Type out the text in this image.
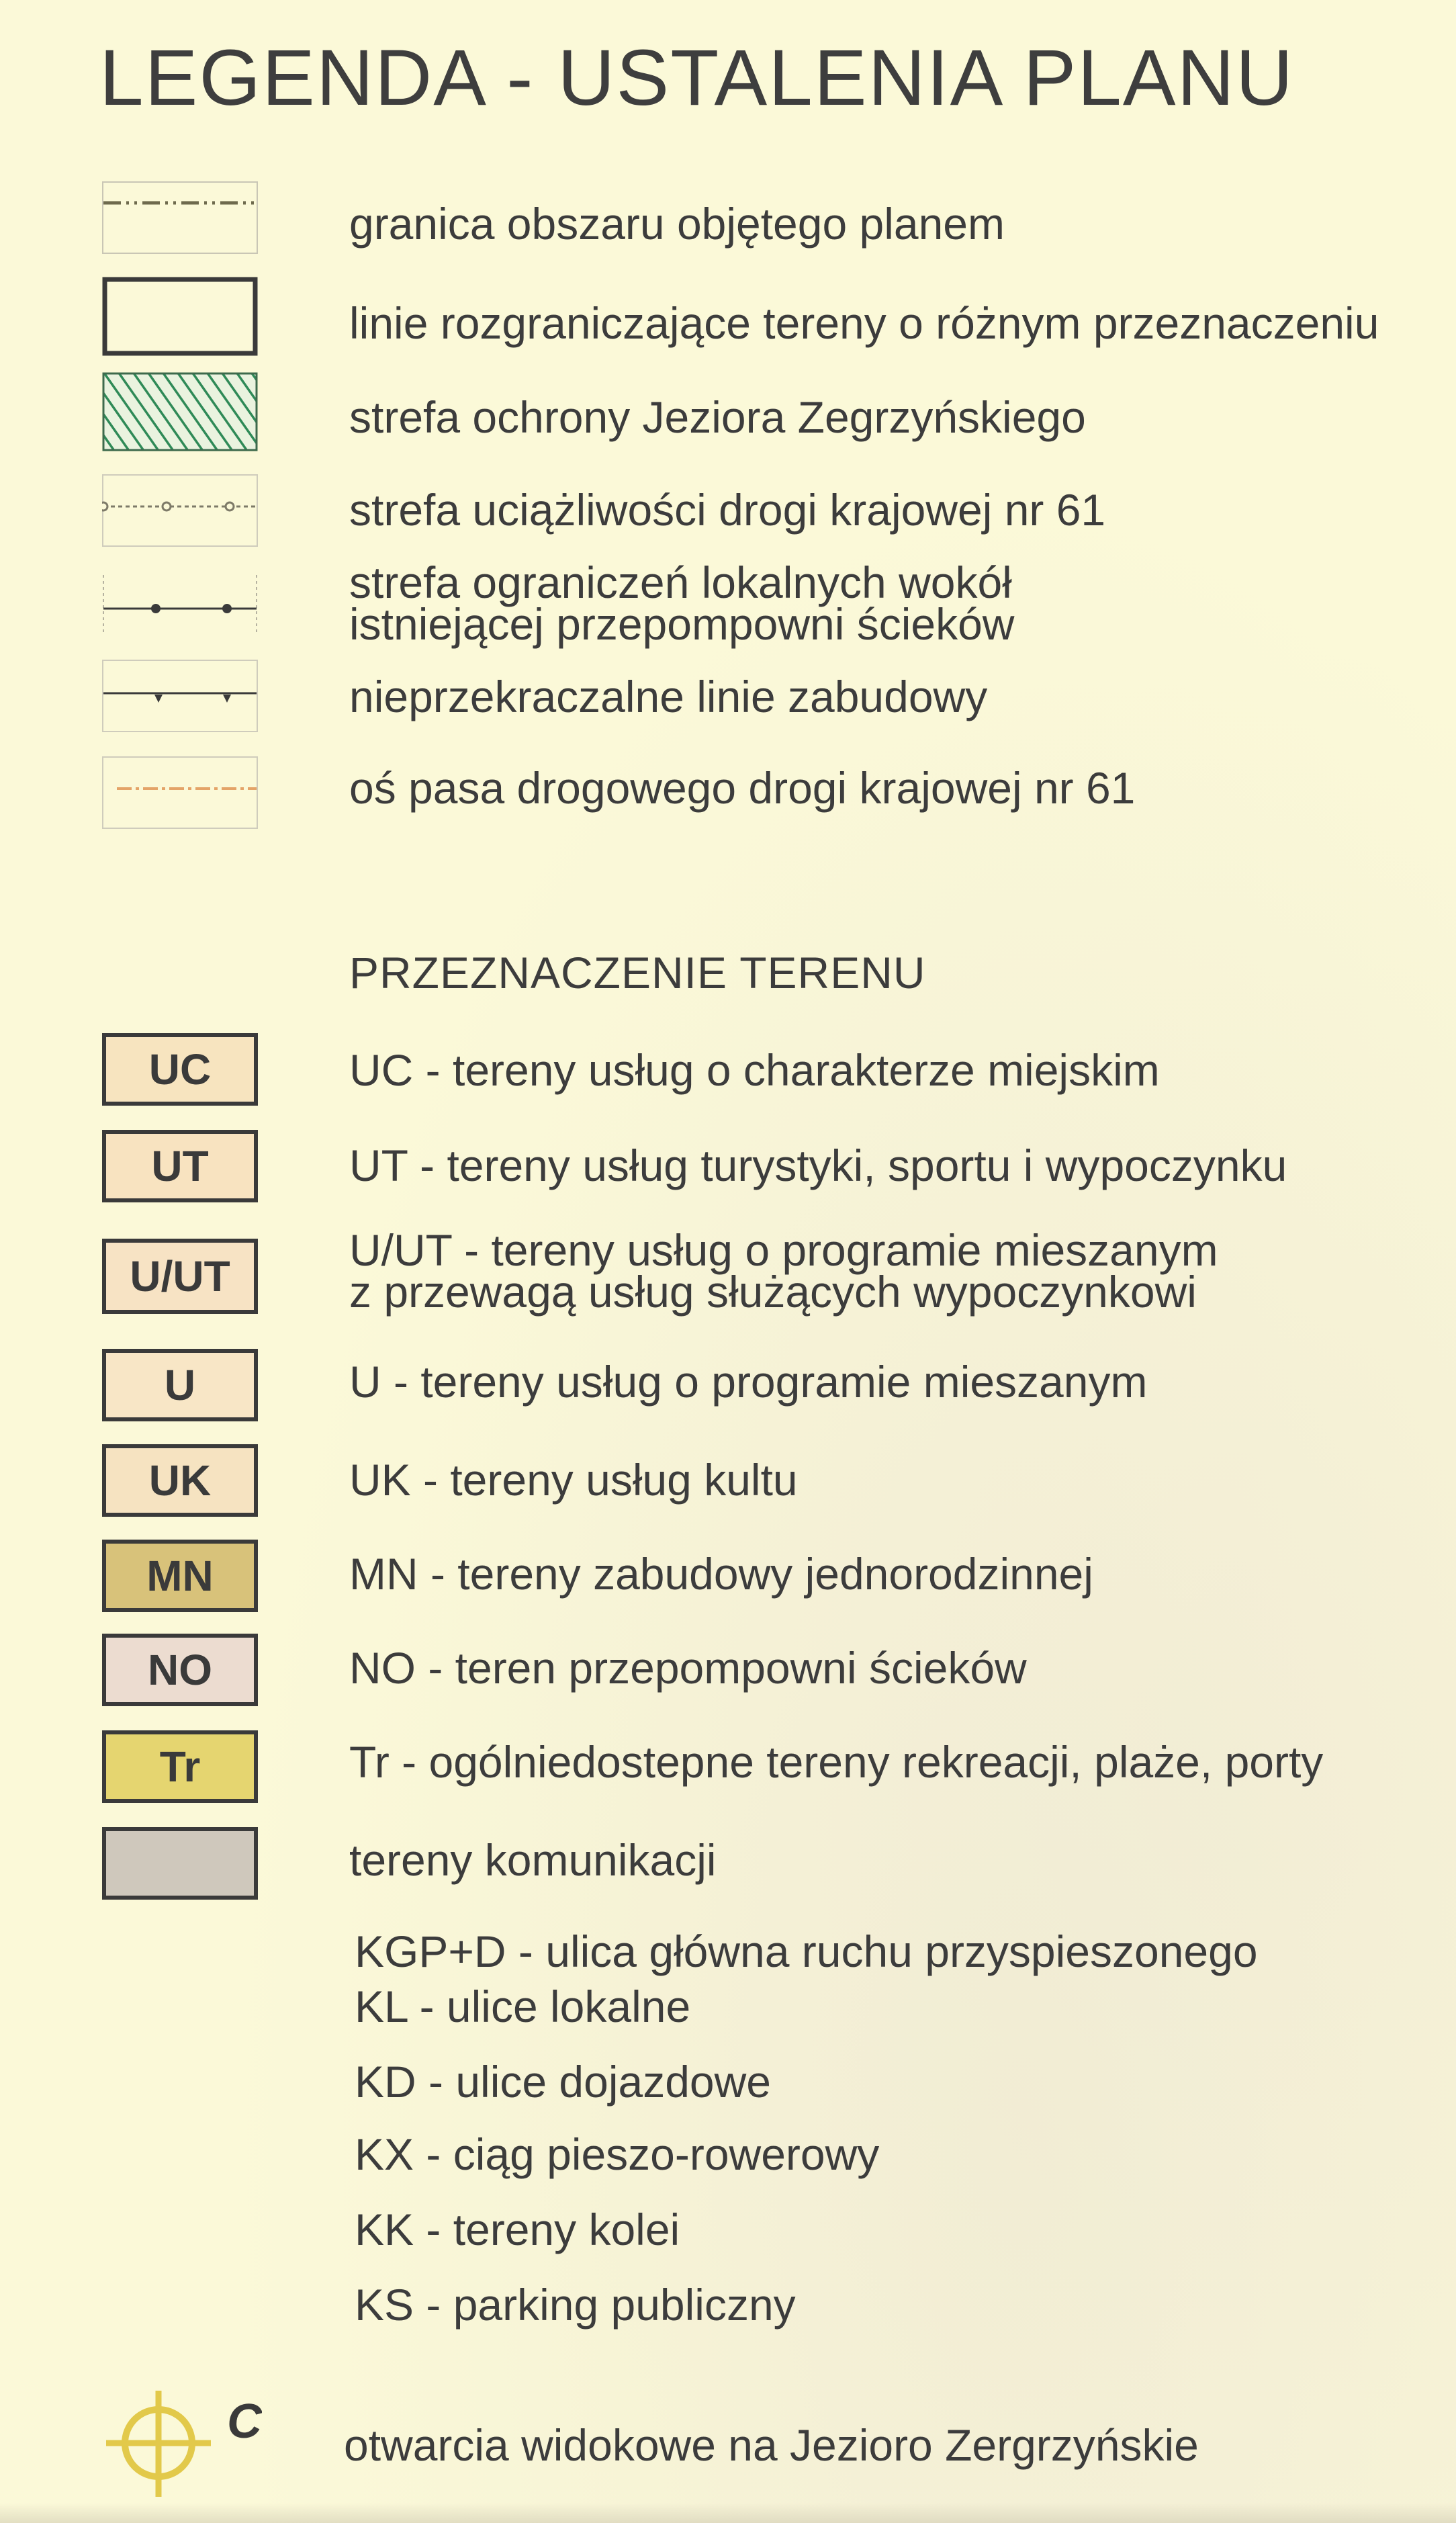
LEGENDA - USTALENIA PLANU
granica obszaru objętego planem
linie rozgraniczające tereny o różnym przeznaczeniu
strefa ochrony Jeziora Zegrzyńskiego
strefa uciążliwości drogi krajowej nr 61
strefa ograniczeń lokalnych wokół
istniejącej przepompowni ścieków
nieprzekraczalne linie zabudowy
oś pasa drogowego drogi krajowej nr 61
PRZEZNACZENIE TERENU
UC	UC - tereny usług o charakterze miejskim
UT	UT - tereny usług turystyki, sportu i wypoczynku
U/UT
U/UT - tereny usług o programie mieszanym
z przewagą usług służących wypoczynkowi
U	U - tereny usług o programie mieszanym
UK	UK - tereny usług kultu
MN	MN - tereny zabudowy jednorodzinnej
NO	NO - teren przepompowni ścieków
Tr	Tr - ogólniedostepne tereny rekreacji, plaże, porty
tereny komunikacji
KGP+D - ulica główna ruchu przyspieszonego
KL - ulice lokalne
KD - ulice dojazdowe
KX - ciąg pieszo-rowerowy
KK - tereny kolei
KS - parking publiczny
C otwarcia widokowe na Jezioro Zergrzyńskie
